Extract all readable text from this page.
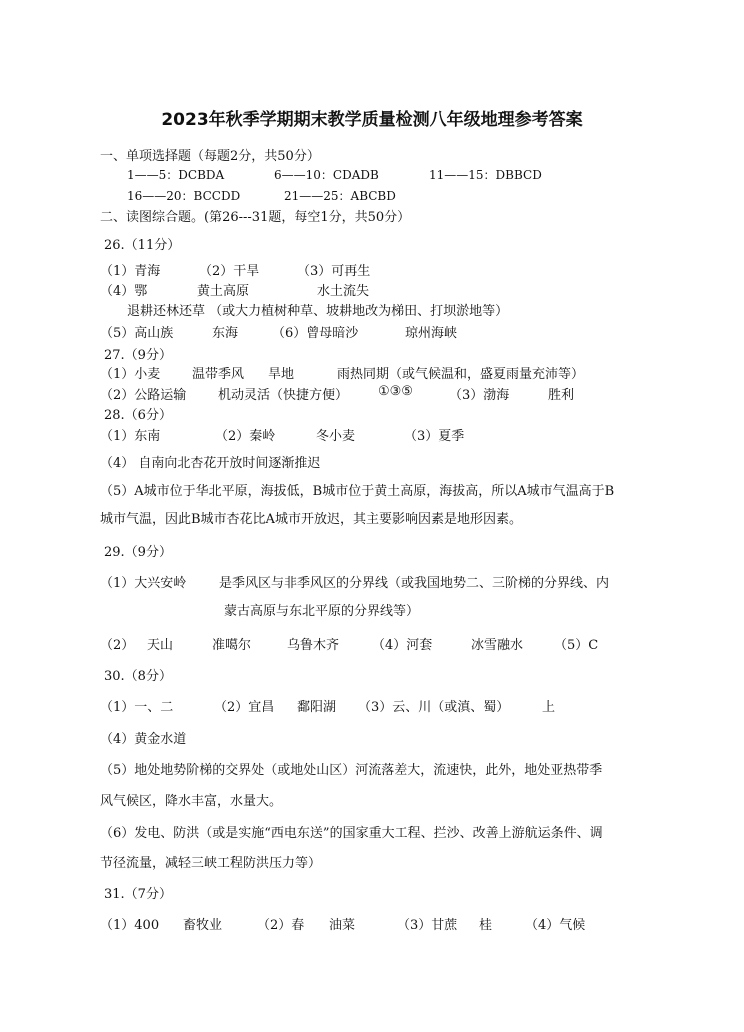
2023年秋季学期期末教学质量检测八年级地理参考答案
一、单项选择题（每题2分，共50分）
1——5：DCBDA	6——10：CDADB	11——15：DBBCD
16——20：BCCDD	21——25：ABCBD
二、读图综合题。(第26---31题，每空1分，共50分）
26.（11分）
（1）青海	（2）干旱	（3）可再生
（4）鄂	黄土高原	水土流失
退耕还林还草 （或大力植树种草、坡耕地改为梯田、打坝淤地等）
（5）高山族	东海	（6）曾母暗沙	琼州海峡
27.（9分）
（1）小麦 温带季风 旱地	雨热同期（或气候温和，盛夏雨量充沛等）
（2）公路运输 机动灵活（快捷方便） ①③⑤	（3）渤海	胜利
28.（6分）
（1）东南	（2）秦岭	冬小麦	（3）夏季
（4） 自南向北杏花开放时间逐渐推迟
（5）A城市位于华北平原，海拔低，B城市位于黄土高原，海拔高，所以A城市气温高于B
城市气温，因此B城市杏花比A城市开放迟，其主要影响因素是地形因素。
29.（9分）
（1）大兴安岭	是季风区与非季风区的分界线（或我国地势二、三阶梯的分界线、内
蒙古高原与东北平原的分界线等）
（2） 天山	准噶尔	乌鲁木齐	（4）河套	冰雪融水 （5）C
30.（8分）
（1）一、二	（2）宜昌 鄱阳湖 （3）云、川（或滇、蜀）	上
（4）黄金水道
（5）地处地势阶梯的交界处（或地处山区）河流落差大，流速快，此外，地处亚热带季
风气候区，降水丰富，水量大。
（6）发电、防洪（或是实施“西电东送”的国家重大工程、拦沙、改善上游航运条件、调
节径流量，减轻三峡工程防洪压力等）
31.（7分）
（1）400 畜牧业	（2）春 油菜	（3）甘蔗 桂	（4）气候
